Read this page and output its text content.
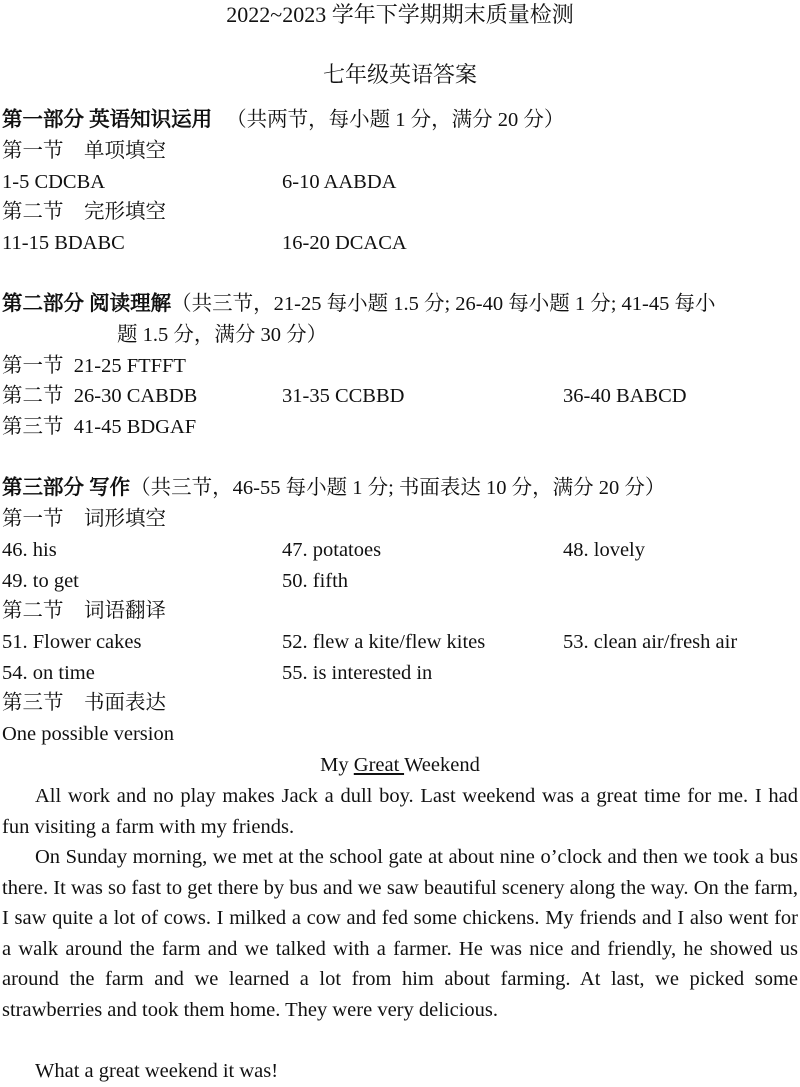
2022~2023 学年下学期期末质量检测
七年级英语答案
第一部分 英语知识运用 （共两节，每小题 1 分，满分 20 分）
第一节　单项填空
1-5 CDCBA	6-10 AABDA
第二节　完形填空
11-15 BDABC	16-20 DCACA
第二部分 阅读理解（共三节，21-25 每小题 1.5 分; 26-40 每小题 1 分; 41-45 每小
题 1.5 分，满分 30 分）
第一节 21-25 FTFFT
第二节 26-30 CABDB	31-35 CCBBD	36-40 BABCD
第三节 41-45 BDGAF
第三部分 写作（共三节，46-55 每小题 1 分; 书面表达 10 分，满分 20 分）
第一节　词形填空
46. his	47. potatoes	48. lovely
49. to get	50. fifth
第二节　词语翻译
51. Flower cakes	52. flew a kite/flew kites	53. clean air/fresh air
54. on time	55. is interested in
第三节　书面表达
One possible version
My Great Weekend
All work and no play makes Jack a dull boy. Last weekend was a great time for me. I had fun visiting a farm with my friends.
On Sunday morning, we met at the school gate at about nine o’clock and then we took a bus there. It was so fast to get there by bus and we saw beautiful scenery along the way. On the farm, I saw quite a lot of cows. I milked a cow and fed some chickens. My friends and I also went for a walk around the farm and we talked with a farmer. He was nice and friendly, he showed us around the farm and we learned a lot from him about farming. At last, we picked some strawberries and took them home. They were very delicious.
What a great weekend it was!
